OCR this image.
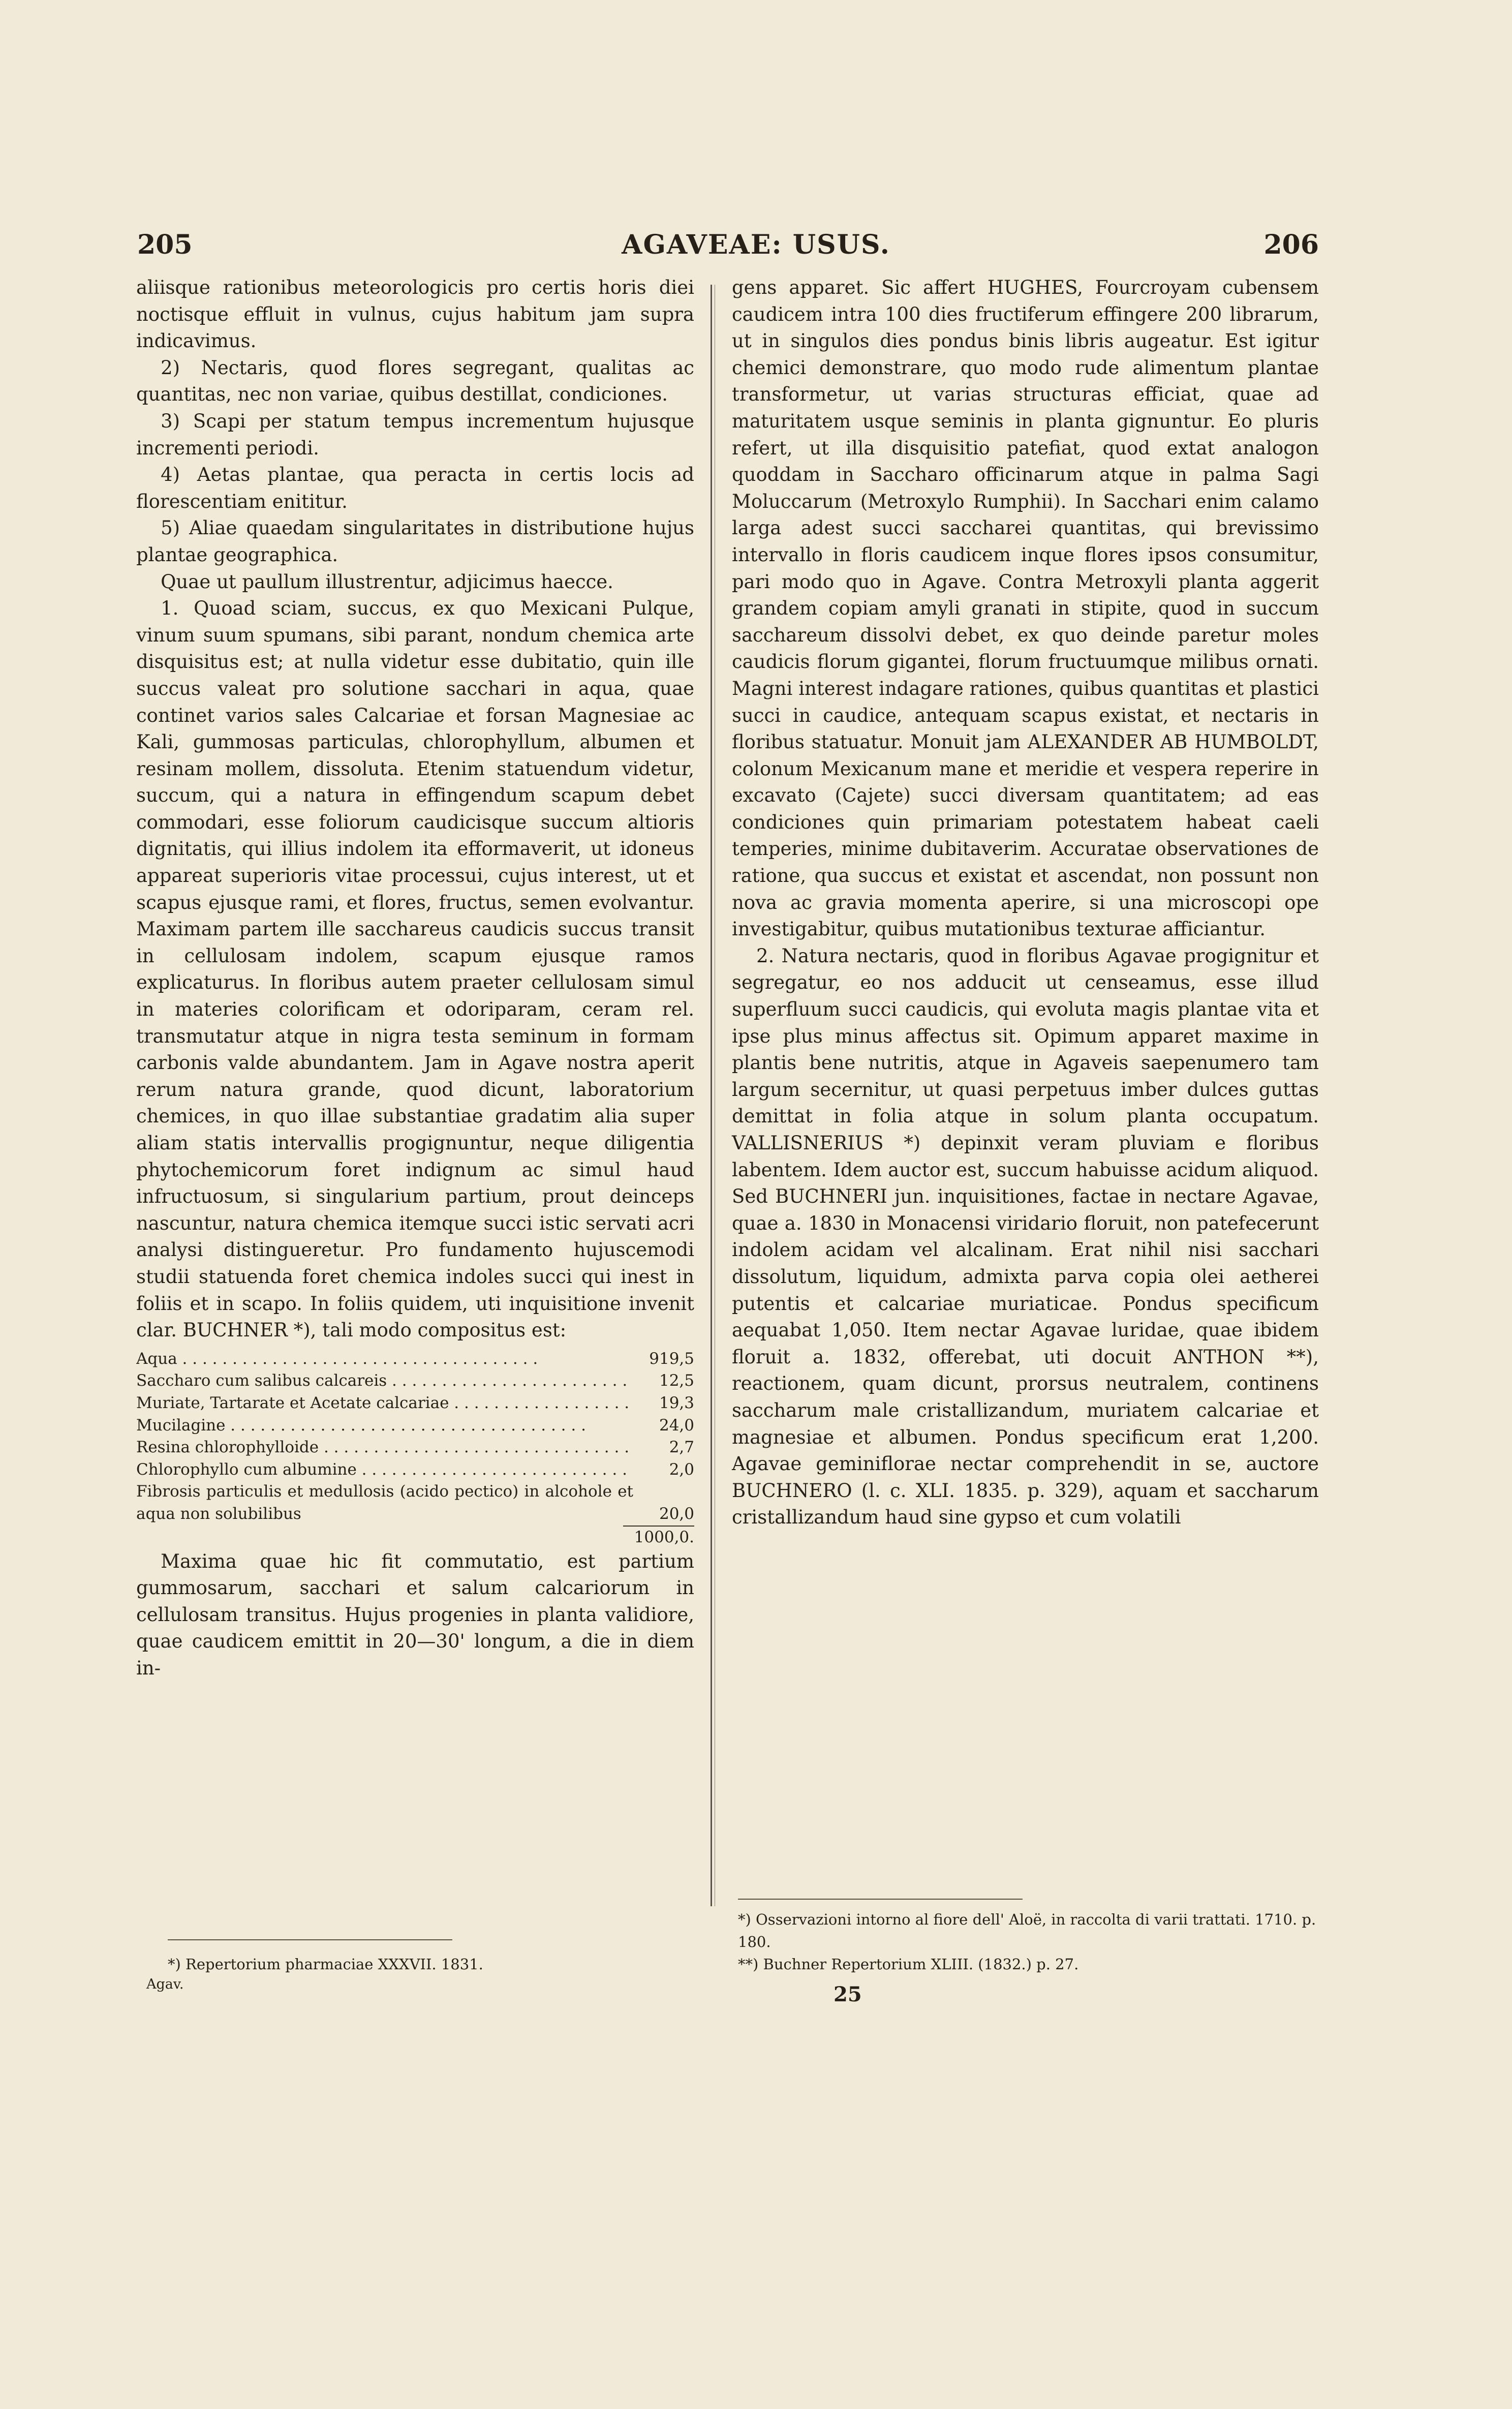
205	AGAVEAE: USUS.	206

aliisque rationibus meteorologicis pro certis horis diei noctisque effluit in vulnus, cujus habitum jam supra indicavimus.

2) Nectaris, quod flores segregant, qualitas ac quantitas, nec non variae, quibus destillat, condiciones.

3) Scapi per statum tempus incrementum hujusque incrementi periodi.

4) Aetas plantae, qua peracta in certis locis ad florescentiam enititur.

5) Aliae quaedam singularitates in distributione hujus plantae geographica.

Quae ut paullum illustrentur, adjicimus haecce.

1. Quoad sciam, succus, ex quo Mexicani Pulque, vinum suum spumans, sibi parant, nondum chemica arte disquisitus est; at nulla videtur esse dubitatio, quin ille succus valeat pro solutione sacchari in aqua, quae continet varios sales Calcariae et forsan Magnesiae ac Kali, gummosas particulas, chlorophyllum, albumen et resinam mollem, dissoluta. Etenim statuendum videtur, succum, qui a natura in effingendum scapum debet commodari, esse foliorum caudicisque succum altioris dignitatis, qui illius indolem ita efformaverit, ut idoneus appareat superioris vitae processui, cujus interest, ut et scapus ejusque rami, et flores, fructus, semen evolvantur. Maximam partem ille sacchareus caudicis succus transit in cellulosam indolem, scapum ejusque ramos explicaturus. In floribus autem praeter cellulosam simul in materies colorificam et odoriparam, ceram rel. transmutatur atque in nigra testa seminum in formam carbonis valde abundantem. Jam in Agave nostra aperit rerum natura grande, quod dicunt, laboratorium chemices, in quo illae substantiae gradatim alia super aliam statis intervallis progignuntur, neque diligentia phytochemicorum foret indignum ac simul haud infructuosum, si singularium partium, prout deinceps nascuntur, natura chemica itemque succi istic servati acri analysi distingueretur. Pro fundamento hujuscemodi studii statuenda foret chemica indoles succi qui inest in foliis et in scapo. In foliis quidem, uti inquisitione invenit clar. BUCHNER *), tali modo compositus est:

Aqua . . .	919,5
Saccharo cum salibus calcareis . . .	12,5
Muriate, Tartarate et Acetate calcariae . . .	19,3
Mucilagine . . .	24,0
Resina chlorophylloide . . .	2,7
Chlorophyllo cum albumine . . .	2,0
Fibrosis particulis et medullosis (acido pectico) in alcohole et aqua non solubilibus	20,0
1000,0.

Maxima quae hic fit commutatio, est partium gummosarum, sacchari et salum calcariorum in cellulosam transitus. Hujus progenies in planta validiore, quae caudicem emittit in 20—30' longum, a die in diem in-

*) Repertorium pharmaciae XXXVII. 1831.
Agav.

gens apparet. Sic affert HUGHES, Fourcroyam cubensem caudicem intra 100 dies fructiferum effingere 200 librarum, ut in singulos dies pondus binis libris augeatur. Est igitur chemici demonstrare, quo modo rude alimentum plantae transformetur, ut varias structuras efficiat, quae ad maturitatem usque seminis in planta gignuntur. Eo pluris refert, ut illa disquisitio patefiat, quod extat analogon quoddam in Saccharo officinarum atque in palma Sagi Moluccarum (Metroxylo Rumphii). In Sacchari enim calamo larga adest succi saccharei quantitas, qui brevissimo intervallo in floris caudicem inque flores ipsos consumitur, pari modo quo in Agave. Contra Metroxyli planta aggerit grandem copiam amyli granati in stipite, quod in succum sacchareum dissolvi debet, ex quo deinde paretur moles caudicis florum gigantei, florum fructuumque milibus ornati. Magni interest indagare rationes, quibus quantitas et plastici succi in caudice, antequam scapus existat, et nectaris in floribus statuatur. Monuit jam ALEXANDER AB HUMBOLDT, colonum Mexicanum mane et meridie et vespera reperire in excavato (Cajete) succi diversam quantitatem; ad eas condiciones quin primariam potestatem habeat caeli temperies, minime dubitaverim. Accuratae observationes de ratione, qua succus et existat et ascendat, non possunt non nova ac gravia momenta aperire, si una microscopi ope investigabitur, quibus mutationibus texturae afficiantur.

2. Natura nectaris, quod in floribus Agavae progignitur et segregatur, eo nos adducit ut censeamus, esse illud superfluum succi caudicis, qui evoluta magis plantae vita et ipse plus minus affectus sit. Opimum apparet maxime in plantis bene nutritis, atque in Agaveis saepenumero tam largum secernitur, ut quasi perpetuus imber dulces guttas demittat in folia atque in solum planta occupatum. VALLISNERIUS *) depinxit veram pluviam e floribus labentem. Idem auctor est, succum habuisse acidum aliquod. Sed BUCHNERI jun. inquisitiones, factae in nectare Agavae, quae a. 1830 in Monacensi viridario floruit, non patefecerunt indolem acidam vel alcalinam. Erat nihil nisi sacchari dissolutum, liquidum, admixta parva copia olei aetherei putentis et calcariae muriaticae. Pondus specificum aequabat 1,050. Item nectar Agavae luridae, quae ibidem floruit a. 1832, offerebat, uti docuit ANTHON **), reactionem, quam dicunt, prorsus neutralem, continens saccharum male cristallizandum, muriatem calcariae et magnesiae et albumen. Pondus specificum erat 1,200. Agavae geminiflorae nectar comprehendit in se, auctore BUCHNERO (l. c. XLI. 1835. p. 329), aquam et saccharum cristallizandum haud sine gypso et cum volatili

*) Osservazioni intorno al fiore dell' Aloë, in raccolta di varii trattati. 1710. p. 180.
**) Buchner Repertorium XLIII. (1832.) p. 27.
25
